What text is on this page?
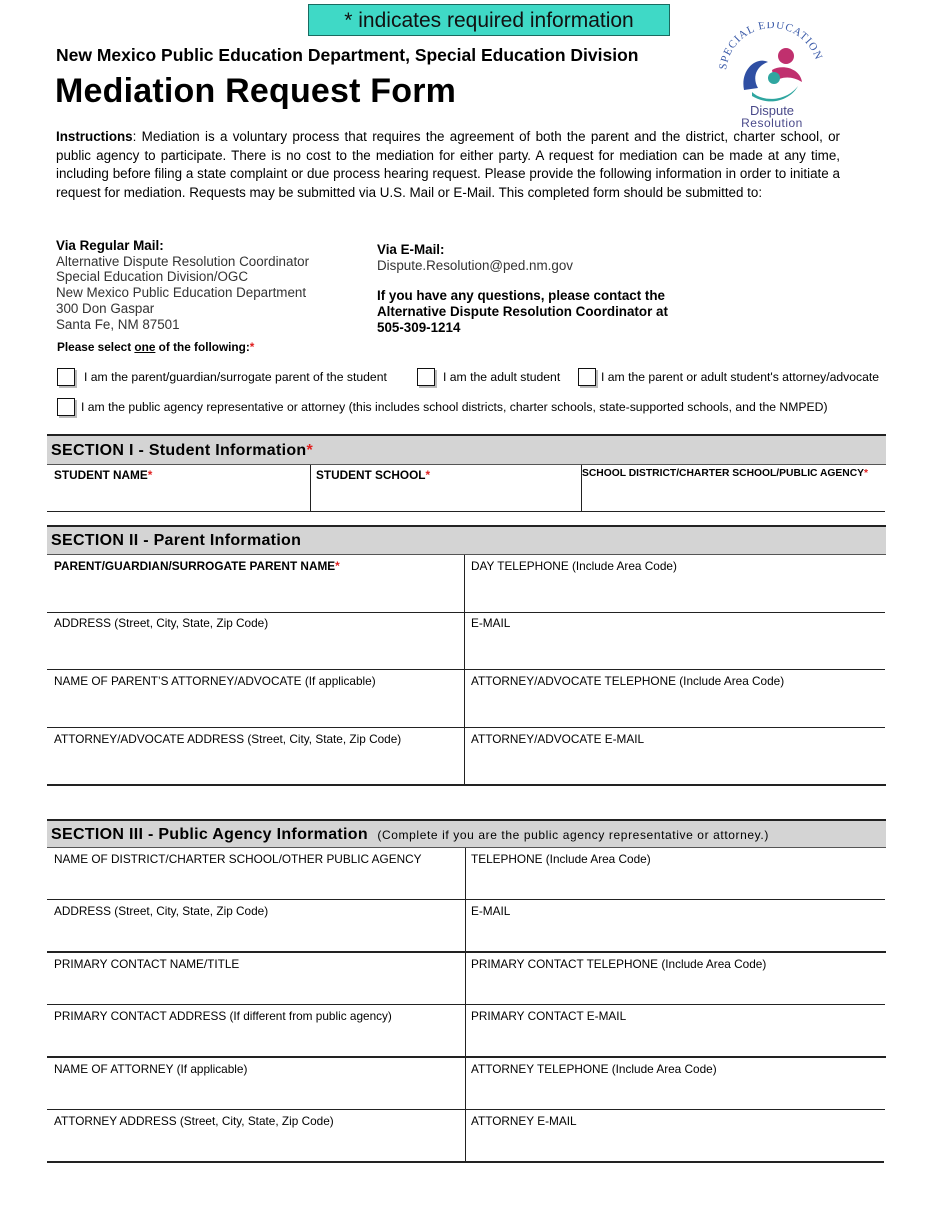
* indicates required information
New Mexico Public Education Department, Special Education Division
Mediation Request Form
SPECIAL EDUCATION
Dispute
Resolution
Instructions: Mediation is a voluntary process that requires the agreement of both the parent and the district, charter school, or public agency to participate. There is no cost to the mediation for either party. A request for mediation can be made at any time, including before filing a state complaint or due process hearing request. Please provide the following information in order to initiate a request for mediation. Requests may be submitted via U.S. Mail or E-Mail. This completed form should be submitted to:
Via Regular Mail:
Alternative Dispute Resolution Coordinator
Special Education Division/OGC
New Mexico Public Education Department
300 Don Gaspar
Santa Fe, NM 87501
Via E-Mail:
Dispute.Resolution@ped.nm.gov
If you have any questions, please contact the
Alternative Dispute Resolution Coordinator at
505-309-1214
Please select one of the following:*
I am the parent/guardian/surrogate parent of the student	I am the adult student	I am the parent or adult student's attorney/advocate
I am the public agency representative or attorney (this includes school districts, charter schools, state-supported schools, and the NMPED)
SECTION I - Student Information*
STUDENT NAME*	STUDENT SCHOOL*	SCHOOL DISTRICT/CHARTER SCHOOL/PUBLIC AGENCY*
SECTION II - Parent Information
PARENT/GUARDIAN/SURROGATE PARENT NAME*	DAY TELEPHONE (Include Area Code)
ADDRESS (Street, City, State, Zip Code)	E-MAIL
NAME OF PARENT’S ATTORNEY/ADVOCATE (If applicable)	ATTORNEY/ADVOCATE TELEPHONE (Include Area Code)
ATTORNEY/ADVOCATE ADDRESS (Street, City, State, Zip Code)	ATTORNEY/ADVOCATE E-MAIL
SECTION III - Public Agency Information (Complete if you are the public agency representative or attorney.)
NAME OF DISTRICT/CHARTER SCHOOL/OTHER PUBLIC AGENCY	TELEPHONE (Include Area Code)
ADDRESS (Street, City, State, Zip Code)	E-MAIL
PRIMARY CONTACT NAME/TITLE	PRIMARY CONTACT TELEPHONE (Include Area Code)
PRIMARY CONTACT ADDRESS (If different from public agency)	PRIMARY CONTACT E-MAIL
NAME OF ATTORNEY (If applicable)	ATTORNEY TELEPHONE (Include Area Code)
ATTORNEY ADDRESS (Street, City, State, Zip Code)	ATTORNEY E-MAIL
